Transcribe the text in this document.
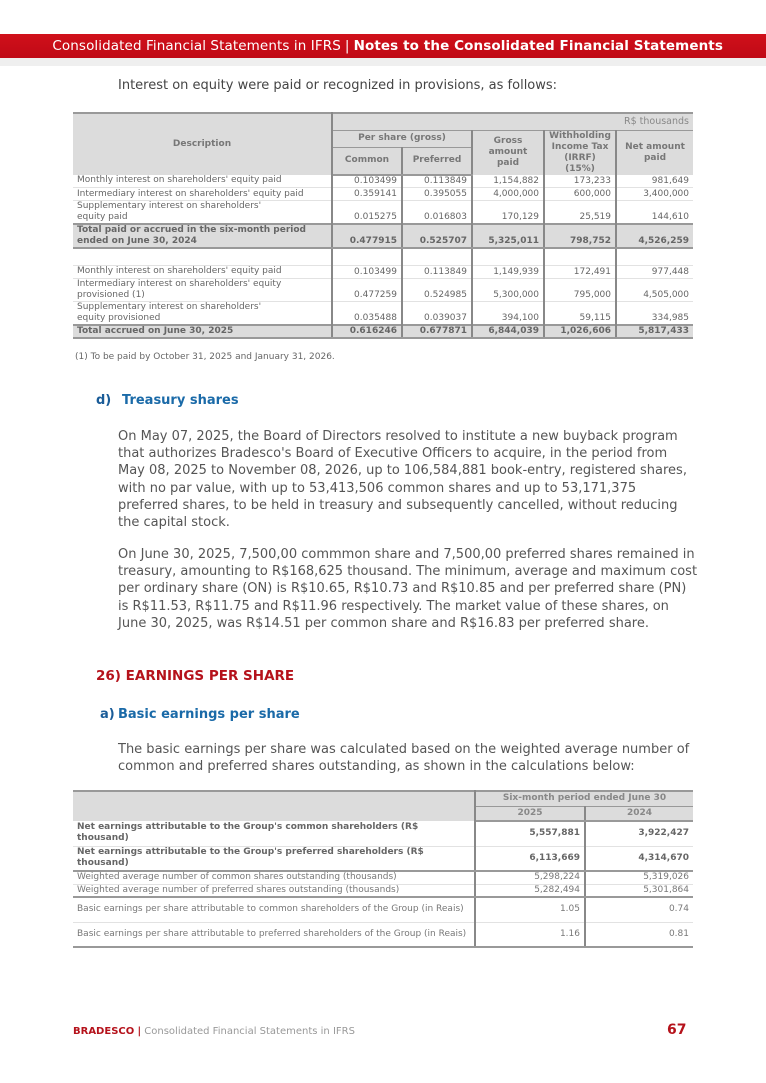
Consolidated Financial Statements in IFRS | Notes to the Consolidated Financial Statements
Interest on equity were paid or recognized in provisions, as follows:
Description	R$ thousands				
	Per share (gross)		Gross amount paid	Withholding Income Tax (IRRF) (15%)	Net amount paid
	Common	Preferred			
Monthly interest on shareholders' equity paid	0.103499	0.113849	1,154,882	173,233	981,649
Intermediary interest on shareholders' equity paid	0.359141	0.395055	4,000,000	600,000	3,400,000
Supplementary interest on shareholders' equity paid	0.015275	0.016803	170,129	25,519	144,610
Total paid or accrued in the six-month period ended on June 30, 2024	0.477915	0.525707	5,325,011	798,752	4,526,259

Monthly interest on shareholders' equity paid	0.103499	0.113849	1,149,939	172,491	977,448
Intermediary interest on shareholders' equity provisioned (1)	0.477259	0.524985	5,300,000	795,000	4,505,000
Supplementary interest on shareholders' equity provisioned	0.035488	0.039037	394,100	59,115	334,985
Total accrued on June 30, 2025	0.616246	0.677871	6,844,039	1,026,606	5,817,433
(1) To be paid by October 31, 2025 and January 31, 2026.
d) Treasury shares
On May 07, 2025, the Board of Directors resolved to institute a new buyback program that authorizes Bradesco's Board of Executive Officers to acquire, in the period from May 08, 2025 to November 08, 2026, up to 106,584,881 book-entry, registered shares, with no par value, with up to 53,413,506 common shares and up to 53,171,375 preferred shares, to be held in treasury and subsequently cancelled, without reducing the capital stock.
On June 30, 2025, 7,500,00 commmon share and 7,500,00 preferred shares remained in treasury, amounting to R$168,625 thousand. The minimum, average and maximum cost per ordinary share (ON) is R$10.65, R$10.73 and R$10.85 and per preferred share (PN) is R$11.53, R$11.75 and R$11.96 respectively. The market value of these shares, on June 30, 2025, was R$14.51 per common share and R$16.83 per preferred share.
26) EARNINGS PER SHARE
a) Basic earnings per share
The basic earnings per share was calculated based on the weighted average number of common and preferred shares outstanding, as shown in the calculations below:
	Six-month period ended June 30	
	2025	2024
Net earnings attributable to the Group's common shareholders (R$ thousand)	5,557,881	3,922,427
Net earnings attributable to the Group's preferred shareholders (R$ thousand)	6,113,669	4,314,670
Weighted average number of common shares outstanding (thousands)	5,298,224	5,319,026
Weighted average number of preferred shares outstanding (thousands)	5,282,494	5,301,864
Basic earnings per share attributable to common shareholders of the Group (in Reais)	1.05	0.74
Basic earnings per share attributable to preferred shareholders of the Group (in Reais)	1.16	0.81
BRADESCO | Consolidated Financial Statements in IFRS	67
